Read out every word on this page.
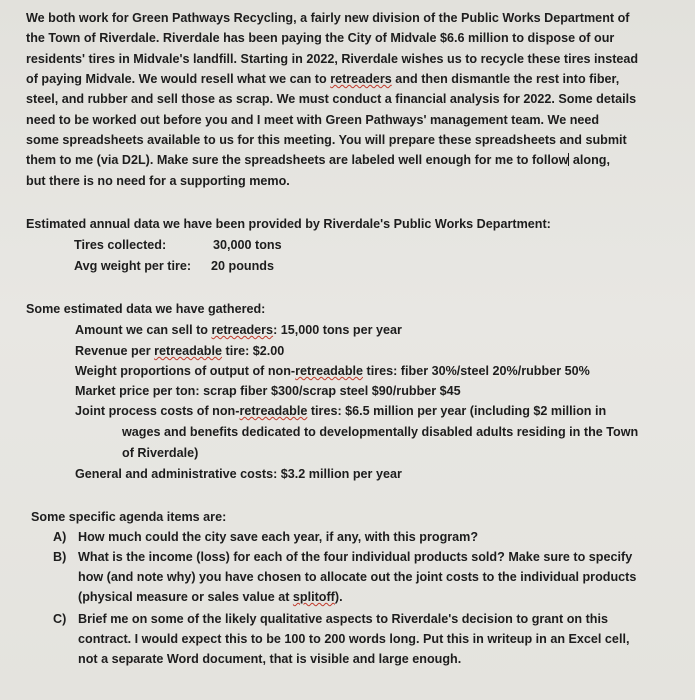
We both work for Green Pathways Recycling, a fairly new division of the Public Works Department of
the Town of Riverdale. Riverdale has been paying the City of Midvale $6.6 million to dispose of our
residents' tires in Midvale's landfill. Starting in 2022, Riverdale wishes us to recycle these tires instead
of paying Midvale. We would resell what we can to retreaders and then dismantle the rest into fiber,
steel, and rubber and sell those as scrap. We must conduct a financial analysis for 2022. Some details
need to be worked out before you and I meet with Green Pathways' management team. We need
some spreadsheets available to us for this meeting. You will prepare these spreadsheets and submit
them to me (via D2L). Make sure the spreadsheets are labeled well enough for me to follow along,
but there is no need for a supporting memo.
Estimated annual data we have been provided by Riverdale's Public Works Department:
Tires collected:	30,000 tons
Avg weight per tire: 20 pounds
Some estimated data we have gathered:
Amount we can sell to retreaders: 15,000 tons per year
Revenue per retreadable tire: $2.00
Weight proportions of output of non-retreadable tires: fiber 30%/steel 20%/rubber 50%
Market price per ton: scrap fiber $300/scrap steel $90/rubber $45
Joint process costs of non-retreadable tires: $6.5 million per year (including $2 million in
wages and benefits dedicated to developmentally disabled adults residing in the Town
of Riverdale)
General and administrative costs: $3.2 million per year
Some specific agenda items are:
A) How much could the city save each year, if any, with this program?
B) What is the income (loss) for each of the four individual products sold? Make sure to specify
how (and note why) you have chosen to allocate out the joint costs to the individual products
(physical measure or sales value at splitoff).
C) Brief me on some of the likely qualitative aspects to Riverdale's decision to grant on this
contract. I would expect this to be 100 to 200 words long. Put this in writeup in an Excel cell,
not a separate Word document, that is visible and large enough.
